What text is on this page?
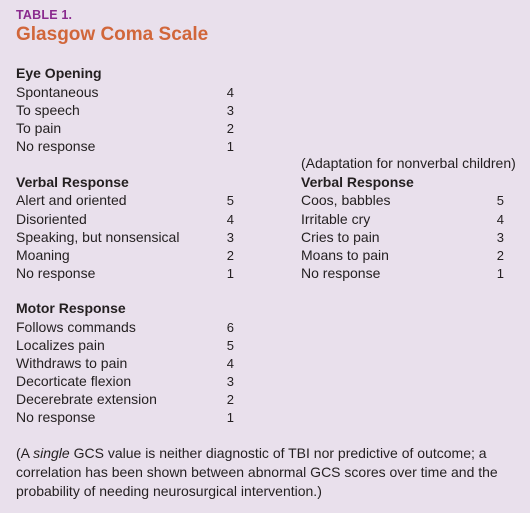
TABLE 1.
Glasgow Coma Scale
Eye Opening
Spontaneous	4
To speech	3
To pain	2
No response	1
Verbal Response
Alert and oriented	5
Disoriented	4
Speaking, but nonsensical	3
Moaning	2
No response	1
(Adaptation for nonverbal children)
Verbal Response
Coos, babbles	5
Irritable cry	4
Cries to pain	3
Moans to pain	2
No response	1
Motor Response
Follows commands	6
Localizes pain	5
Withdraws to pain	4
Decorticate flexion	3
Decerebrate extension	2
No response	1
(A single GCS value is neither diagnostic of TBI nor predictive of outcome; a correlation has been shown between abnormal GCS scores over time and the probability of needing neurosurgical intervention.)
